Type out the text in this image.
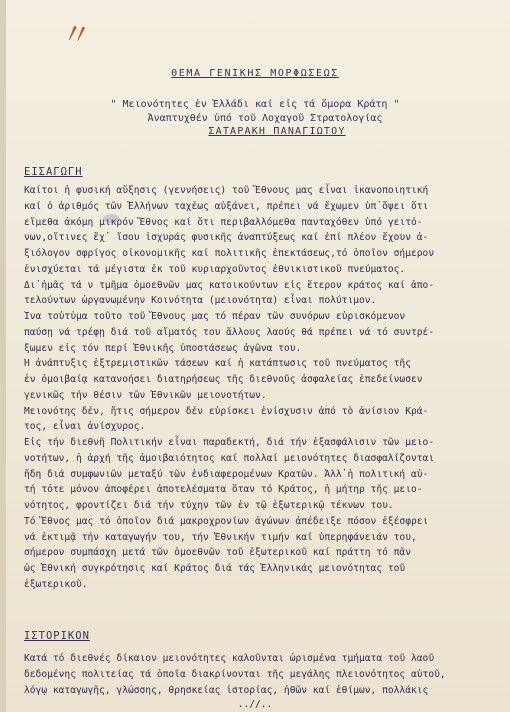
〃
ΘΕΜΑ ΓΕΝΙΚΗΣ ΜΟΡΦΩΣΕΩΣ
" Μειονότητες ἐν Ἑλλάδι καί εἰς τά ὅμορα Κράτη "
Ἀναπτυχθέν ὑπό τοῦ Λοχαγοῦ Στρατολογίας
ΣΑΤΑΡΑΚΗ ΠΑΝΑΓΙΩΤΟΥ
ΕΙΣΑΓΩΓΗ
Καίτοι ἡ φυσική αὔξησις (γεννήσεις) τοῦ Ἔθνους μας εἶναι ἱκανοποιητική
καί ὁ ἀριθμός τῶν Ἑλλήνων ταχέως αὐξάνει, πρέπει νά ἔχωμεν ὑπ᾽ὄψει ὅτι
εἴμεθα ἀκόμη μικρόν Ἔθνος καί ὅτι περιβαλλόμεθα πανταχόθεν ὑπό γειτό-
νων,οἵτινες ἔχ᾽ ἴσου ἰσχυράς φυσικῆς ἀναπτύξεως καί ἐπί πλέον ἔχουν ἀ-
ξιόλογον σφρίγος οἰκονομικῆς καί πολιτικῆς ἐπεκτάσεως,τό ὁποῖον σήμερον
ἐνισχύεται τά μέγιστα ἐκ τοῦ κυριαρχοῦντος ἐθνικιστικοῦ πνεύματος.
Δι᾽ἡμᾶς τά ν τμῆμα ὁμοεθνῶν μας κατοικούντων εἰς ἕτερον κράτος καί ἀπο-
τελούντων ὠργανωμένην Κοινότητα (μειονότητα) εἶναι πολύτιμον.
Ἵνα τοὐτὐμα τοῦτο τοῦ Ἔθνους μας τό πέραν τῶν συνόρων εὑρισκόμενον
παύσῃ νά τρέφῃ διά τοῦ αἵματός του ἄλλους λαούς θά πρέπει νά τό συντρέ-
ξωμεν εἰς τόν περί Ἐθνικῆς ὑποστάσεως ἀγῶνα του.
Ἡ ἀνάπτυξις ἐξτρεμιστικῶν τάσεων καί ἡ κατάπτωσις τοῦ πνεύματος τῆς
ἐν ὁμοιβαίᾳ κατανοήσει διατηρήσεως τῆς διεθνοῦς ἀσφαλείας ἐπεδείνωσεν
γενικῶς τήν θέσιν τῶν Ἐθνικῶν μειονοτήτων.
Μειονότης δέν, ἥτις σήμερον δέν εὑρίσκει ἐνίσχυσιν ἀπό τὸ ἀνίσιον Κρά-
τος, εἶναι ἀνίσχυρος.
Εἰς τήν διεθνῆ Πολιτικήν εἶναι παραδεκτή, διά τήν ἐξασφάλισιν τῶν μειο-
νοτήτων, ἡ ἀρχή τῆς ἀμοιβαιότητος καί πολλαί μειονότητες διασφαλίζονται
ἤδη διά συμφωνιῶν μεταξύ τῶν ἐνδιαφερομένων Κρατῶν. Ἀλλ᾽ἡ πολιτική αὐ-
τή τότε μόνον ἀποφέρει ἀποτελέσματα ὅταν τό Κράτος, ἡ μήτηρ τῆς μειο-
νότητος, φροντίζει διά τήν τύχην τῶν ἐν τῷ ἐξωτερικῷ τέκνων του.
Τό Ἔθνος μας τό ὁποῖον διά μακροχρονίων ἀγώνων ἀπέδειξε πόσον ἐξέσφρει
νά ἐκτιμᾷ τήν καταγωγήν του, τήν Ἐθνικήν τιμήν καί ὑπερηφάνειάν του,
σήμερον συμπάσχη μετά τῶν ὁμοεθνῶν τοῦ ἐξωτερικοῦ καί πράττη τό πᾶν
ὡς Ἐθνική συγκρότησις καί Κράτος διά τάς Ἑλληνικάς μειονότητας τοῦ
ἐξωτερικοῦ.
ΙΣΤΟΡΙΚΟΝ
Κατά τό διεθνές δίκαιον μειονότητες καλοῦνται ὡρισμένα τμήματα τοῦ λαοῦ
δεδομένης πολιτείας τά ὁποῖα διακρίνονται τῆς μεγάλης πλειονότητος αὐτοῦ,
λόγῳ καταγωγῆς, γλώσσης, θρησκείας ἱστορίας, ἠθῶν καί ἐθίμων, πολλάκις
..//..
